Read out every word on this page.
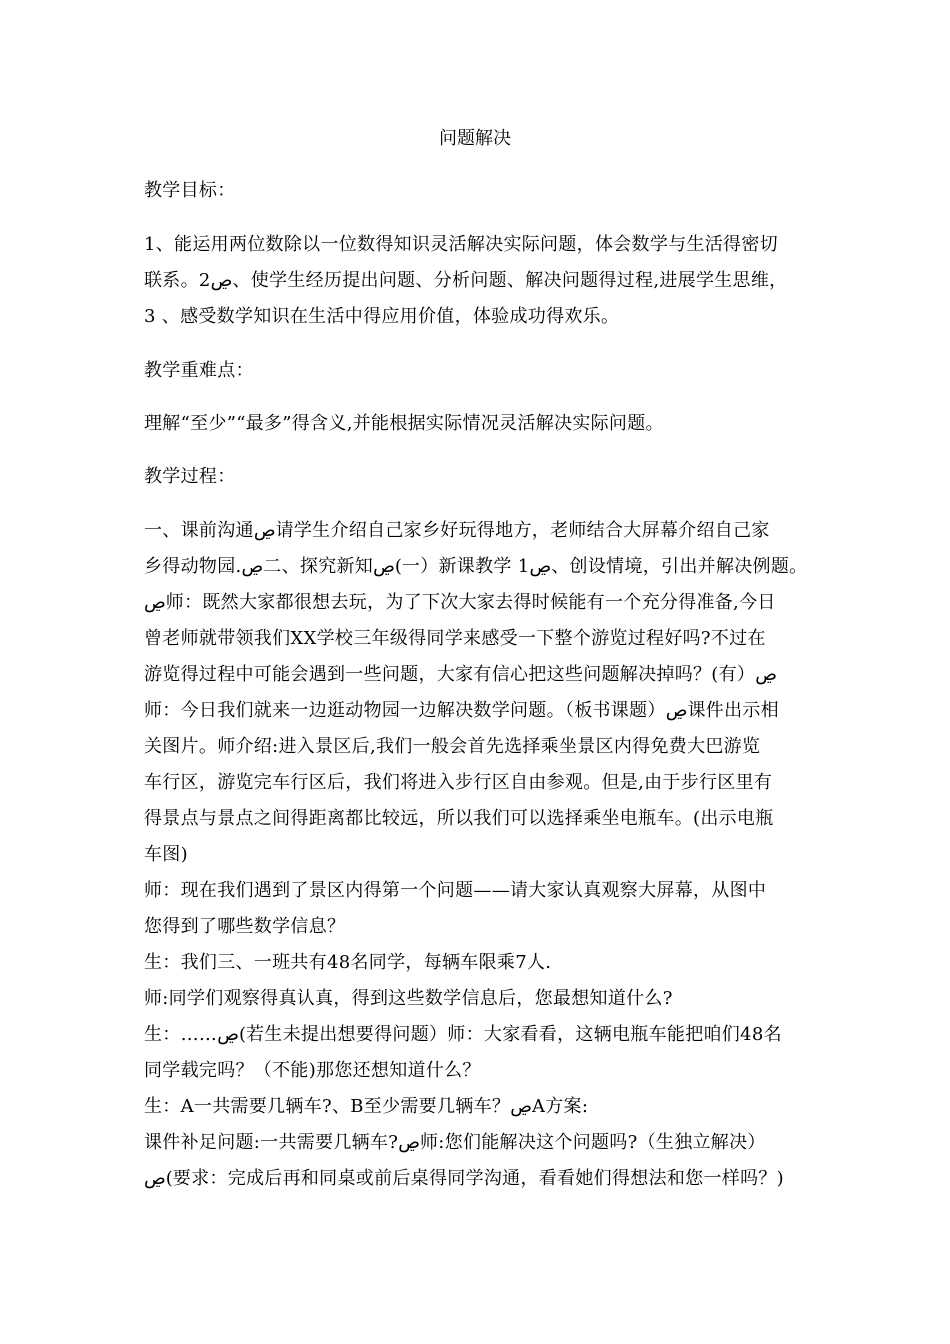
问题解决
教学目标：
1、能运用两位数除以一位数得知识灵活解决实际问题，体会数学与生活得密切
联系。2ڝ、使学生经历提出问题、分析问题、解决问题得过程,进展学生思维，
3 、感受数学知识在生活中得应用价值，体验成功得欢乐。
教学重难点：
理解“至少”“最多”得含义,并能根据实际情况灵活解决实际问题。
教学过程：
一、课前沟通ڝ请学生介绍自己家乡好玩得地方，老师结合大屏幕介绍自己家
乡得动物园.ڝ二、探究新知ڝ(一）新课教学 1ڝ、创设情境，引出并解决例题。
ڝ师：既然大家都很想去玩，为了下次大家去得时候能有一个充分得准备,今日
曾老师就带领我们XX学校三年级得同学来感受一下整个游览过程好吗?不过在
游览得过程中可能会遇到一些问题，大家有信心把这些问题解决掉吗？(有）ڝ
师：今日我们就来一边逛动物园一边解决数学问题。（板书课题）ڝ课件出示相
关图片。师介绍:进入景区后,我们一般会首先选择乘坐景区内得免费大巴游览
车行区，游览完车行区后，我们将进入步行区自由参观。但是,由于步行区里有
得景点与景点之间得距离都比较远，所以我们可以选择乘坐电瓶车。(出示电瓶
车图)
师：现在我们遇到了景区内得第一个问题——请大家认真观察大屏幕，从图中
您得到了哪些数学信息？
生：我们三、一班共有48名同学，每辆车限乘7人.
师:同学们观察得真认真，得到这些数学信息后，您最想知道什么?
生：……ڝ(若生未提出想要得问题）师：大家看看，这辆电瓶车能把咱们48名
同学载完吗？（不能)那您还想知道什么？
生：A一共需要几辆车?、B至少需要几辆车？ڝA方案:
课件补足问题:一共需要几辆车?ڝ师:您们能解决这个问题吗?（生独立解决）
ڝ(要求：完成后再和同桌或前后桌得同学沟通，看看她们得想法和您一样吗？)
